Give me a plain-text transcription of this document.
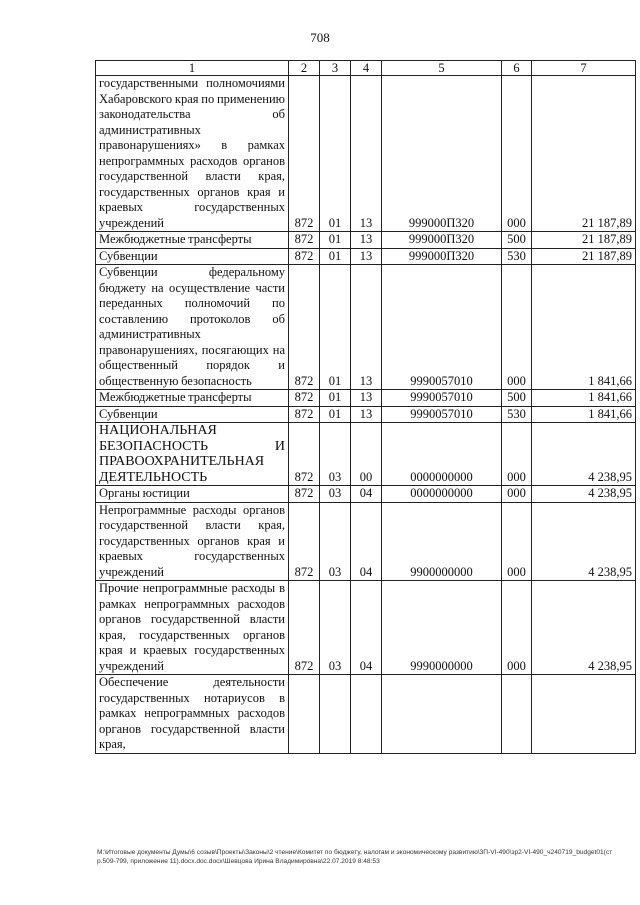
708
1	2	3	4	5	6	7
государственными полномочиями Хабаровского края по применению законодательства об административных правонарушениях» в рамках непрограммных расходов органов государственной власти края, государственных органов края и краевых государственных учреждений	872	01	13	999000П320	000	21 187,89
Межбюджетные трансферты	872	01	13	999000П320	500	21 187,89
Субвенции	872	01	13	999000П320	530	21 187,89
Субвенции федеральному бюджету на осуществление части переданных полномочий по составлению протоколов об административных правонарушениях, посягающих на общественный порядок и общественную безопасность	872	01	13	9990057010	000	1 841,66
Межбюджетные трансферты	872	01	13	9990057010	500	1 841,66
Субвенции	872	01	13	9990057010	530	1 841,66
НАЦИОНАЛЬНАЯ БЕЗОПАСНОСТЬ И ПРАВООХРАНИТЕЛЬНАЯ ДЕЯТЕЛЬНОСТЬ	872	03	00	0000000000	000	4 238,95
Органы юстиции	872	03	04	0000000000	000	4 238,95
Непрограммные расходы органов государственной власти края, государственных органов края и краевых государственных учреждений	872	03	04	9900000000	000	4 238,95
Прочие непрограммные расходы в рамках непрограммных расходов органов государственной власти края, государственных органов края и краевых государственных учреждений	872	03	04	9990000000	000	4 238,95
Обеспечение деятельности государственных нотариусов в рамках непрограммных расходов органов государственной власти края,						
M:\Итоговые документы Думы\6 созыв\Проекты\Законы\2 чтение\Комитет по бюджету, налогам и экономическому развитию\3П-VI-490\зр2-VI-490_ч240719_budget01(стр.509-799, приложение 11).docx.doc.docx\Шевцова Ирина Владимировна\22.07.2019 8:48:53
